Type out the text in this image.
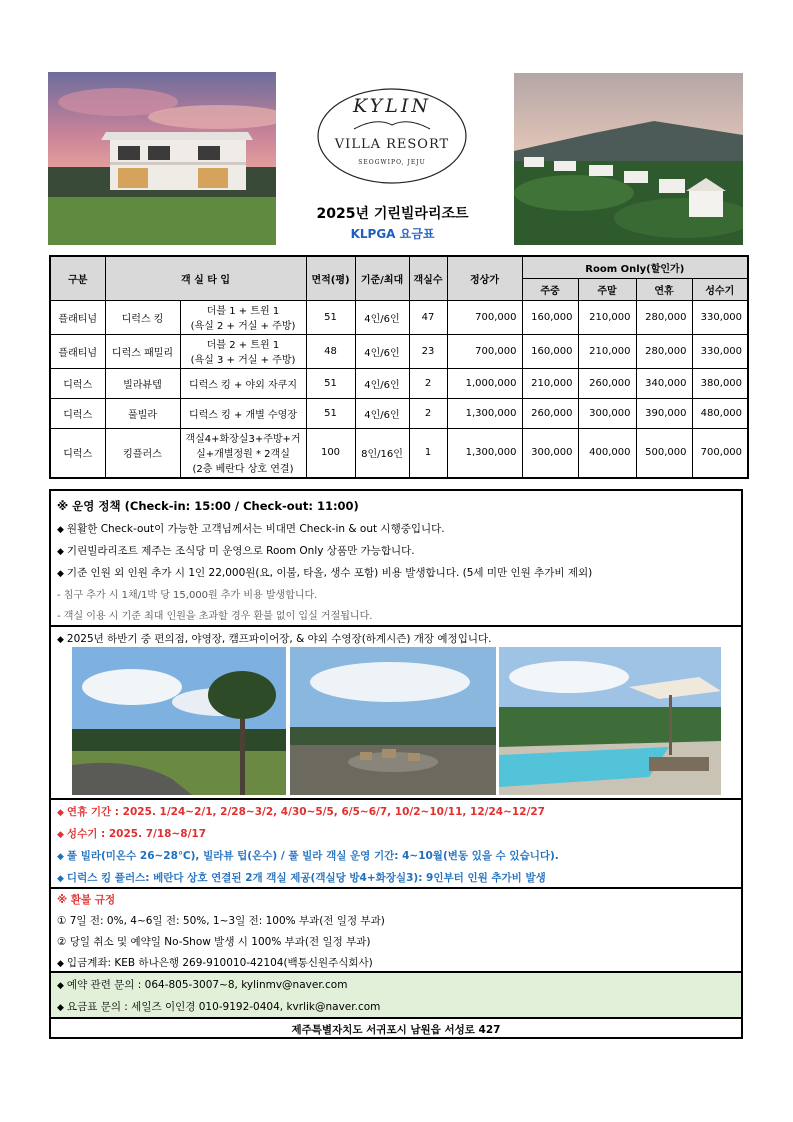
KYLIN
VILLA RESORT
SEOGWIPO, JEJU
2025년 기린빌라리조트
KLPGA 요금표
구분	객 실 타 입		면적(평)	기준/최대	객실수	정상가	Room Only(할인가)			
							주중	주말	연휴	성수기
플래티넘	디럭스 킹	더블 1 + 트윈 1
(욕실 2 + 거실 + 주방)	51	4인/6인	47	700,000	160,000	210,000	280,000	330,000
플래티넘	디럭스 패밀리	더블 2 + 트윈 1
(욕실 3 + 거실 + 주방)	48	4인/6인	23	700,000	160,000	210,000	280,000	330,000
디럭스	빌라뷰텝	디럭스 킹 + 야외 자쿠지	51	4인/6인	2	1,000,000	210,000	260,000	340,000	380,000
디럭스	풀빌라	디럭스 킹 + 개별 수영장	51	4인/6인	2	1,300,000	260,000	300,000	390,000	480,000
디럭스	킹플러스	객실4+화장실3+주방+거
실+개별정원 * 2객실
(2층 베란다 상호 연결)	100	8인/16인	1	1,300,000	300,000	400,000	500,000	700,000
※ 운영 정책 (Check-in: 15:00 / Check-out: 11:00)
◆ 원활한 Check-out이 가능한 고객님께서는 비대면 Check-in & out 시행중입니다.
◆ 기린빌라리조트 제주는 조식당 미 운영으로 Room Only 상품만 가능합니다.
◆ 기준 인원 외 인원 추가 시 1인 22,000원(요, 이불, 타올, 생수 포함) 비용 발생합니다. (5세 미만 인원 추가비 제외)
- 침구 추가 시 1채/1박 당 15,000원 추가 비용 발생합니다.
- 객실 이용 시 기준 최대 인원을 초과할 경우 환불 없이 입실 거절됩니다.
◆ 2025년 하반기 중 편의점, 야영장, 캠프파이어장, & 야외 수영장(하계시즌) 개장 예정입니다.
◆ 연휴 기간 : 2025. 1/24~2/1, 2/28~3/2, 4/30~5/5, 6/5~6/7, 10/2~10/11, 12/24~12/27
◆ 성수기 : 2025. 7/18~8/17
◆ 풀 빌라(미온수 26~28℃), 빌라뷰 텁(온수) / 풀 빌라 객실 운영 기간: 4~10월(변동 있을 수 있습니다).
◆ 디럭스 킹 플러스: 베란다 상호 연결된 2개 객실 제공(객실당 방4+화장실3): 9인부터 인원 추가비 발생
※ 환불 규정
① 7일 전: 0%, 4~6일 전: 50%, 1~3일 전: 100% 부과(전 일정 부과)
② 당일 취소 및 예약일 No-Show 발생 시 100% 부과(전 일정 부과)
◆ 입금계좌: KEB 하나은행 269-910010-42104(백통신원주식회사)
◆ 예약 관련 문의 : 064-805-3007~8, kylinmv@naver.com
◆ 요금표 문의 : 세일즈 이인경 010-9192-0404, kvrlik@naver.com
제주특별자치도 서귀포시 남원읍 서성로 427
